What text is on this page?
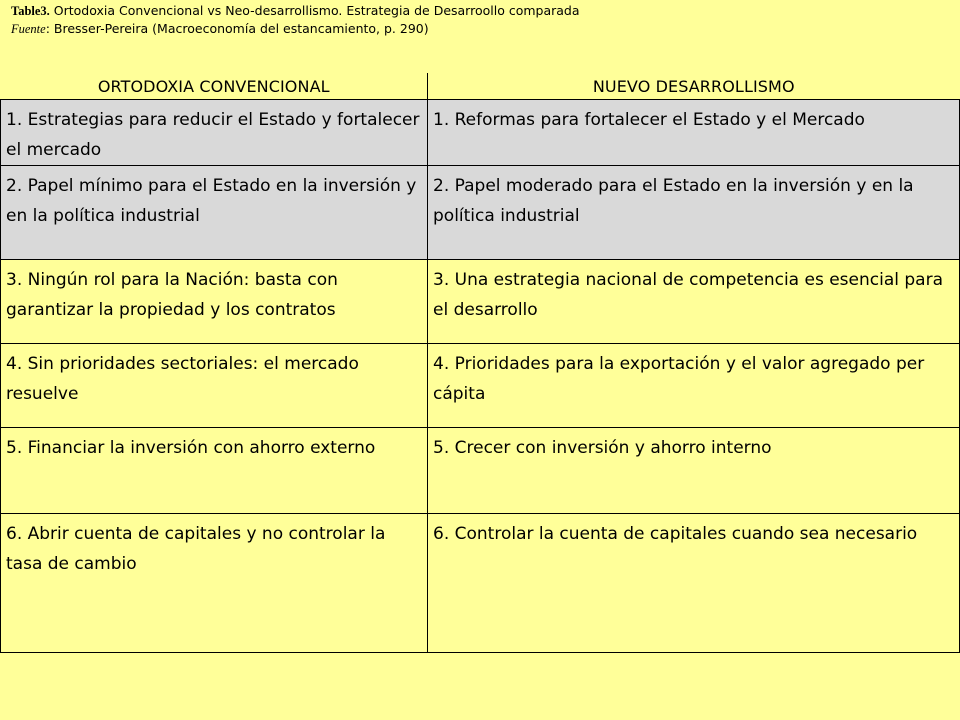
Table3. Ortodoxia Convencional vs Neo-desarrollismo. Estrategia de Desarroollo comparada
Fuente: Bresser-Pereira (Macroeconomía del estancamiento, p. 290)
ORTODOXIA CONVENCIONAL	NUEVO DESARROLLISMO
1. Estrategias para reducir el Estado y fortalecer el mercado	1. Reformas para fortalecer el Estado y el Mercado
2. Papel mínimo para el Estado en la inversión y en la política industrial	2. Papel moderado para el Estado en la inversión y en la política industrial
3. Ningún rol para la Nación: basta con garantizar la propiedad y los contratos	3. Una estrategia nacional de competencia es esencial para el desarrollo
4. Sin prioridades sectoriales: el mercado resuelve	4. Prioridades para la exportación y el valor agregado per cápita
5. Financiar la inversión con ahorro externo	5. Crecer con inversión y ahorro interno
6. Abrir cuenta de capitales y no controlar la tasa de cambio	6. Controlar la cuenta de capitales cuando sea necesario
